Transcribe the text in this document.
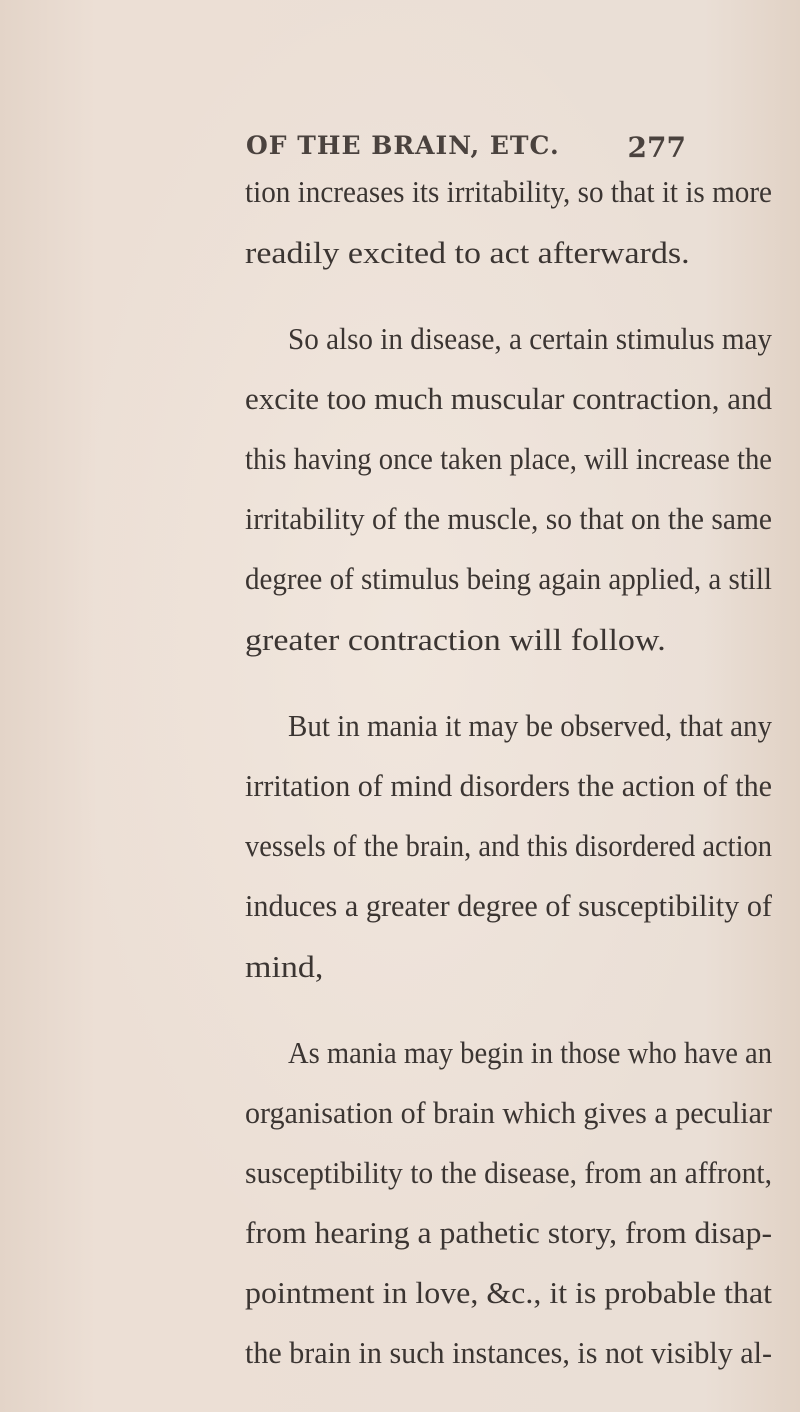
OF THE BRAIN, ETC. 277
tion increases its irritability, so that it is more
readily excited to act afterwards.
So also in disease, a certain stimulus may
excite too much muscular contraction, and
this having once taken place, will increase the
irritability of the muscle, so that on the same
degree of stimulus being again applied, a still
greater contraction will follow.
But in mania it may be observed, that any
irritation of mind disorders the action of the
vessels of the brain, and this disordered action
induces a greater degree of susceptibility of
mind,
As mania may begin in those who have an
organisation of brain which gives a peculiar
susceptibility to the disease, from an affront,
from hearing a pathetic story, from disap-
pointment in love, &c., it is probable that
the brain in such instances, is not visibly al-
